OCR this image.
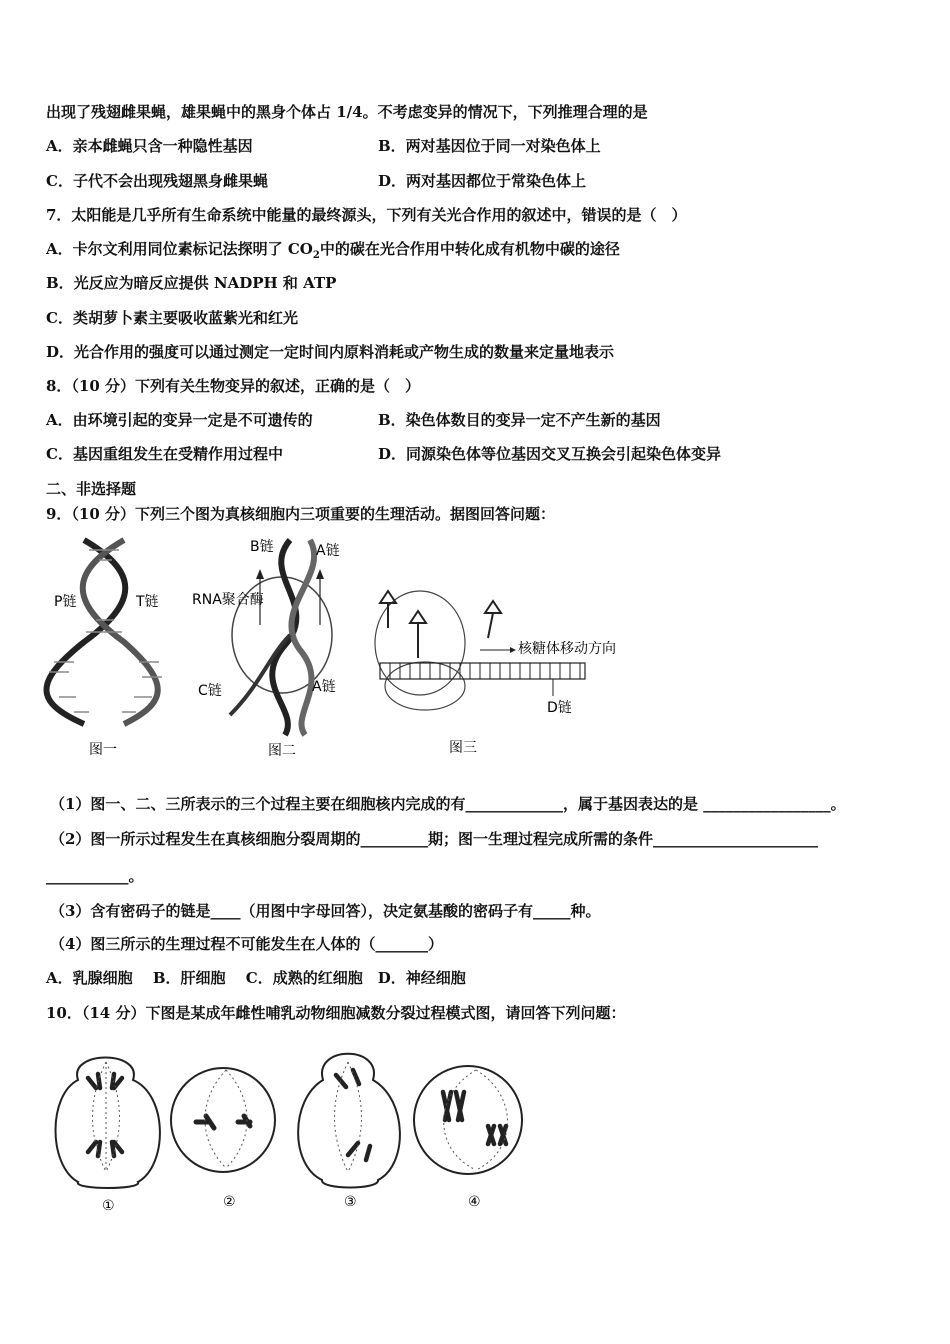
出现了残翅雌果蝇，雄果蝇中的黑身个体占 1/4。不考虑变异的情况下，下列推理合理的是
A．亲本雌蝇只含一种隐性基因	B．两对基因位于同一对染色体上
C．子代不会出现残翅黑身雌果蝇	D．两对基因都位于常染色体上
7．太阳能是几乎所有生命系统中能量的最终源头，下列有关光合作用的叙述中，错误的是（　）
A．卡尔文利用同位素标记法探明了 $CO_2$中的碳在光合作用中转化成有机物中碳的途径
B．光反应为暗反应提供 NADPH 和 ATP
C．类胡萝卜素主要吸收蓝紫光和红光
D．光合作用的强度可以通过测定一定时间内原料消耗或产物生成的数量来定量地表示
8．（10 分）下列有关生物变异的叙述，正确的是（　）
A．由环境引起的变异一定是不可遗传的	B．染色体数目的变异一定不产生新的基因
C．基因重组发生在受精作用过程中	D．同源染色体等位基因交叉互换会引起染色体变异
二、非选择题
9．（10 分）下列三个图为真核细胞内三项重要的生理活动。据图回答问题：
P链	T链
图一
B链	A链
RNA聚合酶
A链
C链
图二
核糖体移动方向
D链
图三
（1）图一、二、三所表示的三个过程主要在细胞核内完成的有_____________，属于基因表达的是 _________________。
（2）图一所示过程发生在真核细胞分裂周期的_________期；图一生理过程完成所需的条件______________________
___________。
（3）含有密码子的链是____（用图中字母回答），决定氨基酸的密码子有_____种。
（4）图三所示的生理过程不可能发生在人体的（_______）
A．乳腺细胞　 B．肝细胞　 C．成熟的红细胞　D．神经细胞
10．（14 分）下图是某成年雌性哺乳动物细胞减数分裂过程模式图，请回答下列问题：
①	②	③	④
